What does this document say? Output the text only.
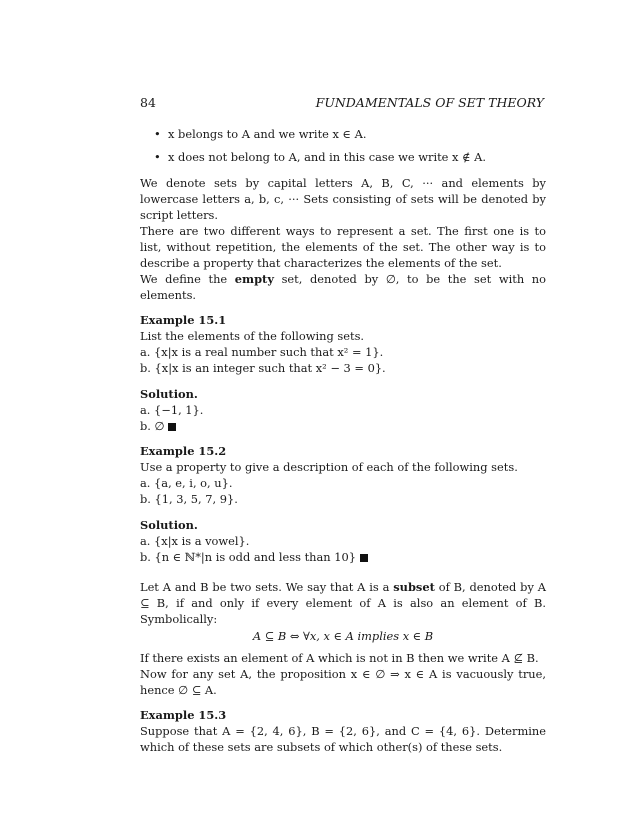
84	FUNDAMENTALS OF SET THEORY
• x belongs to A and we write x ∈ A.
• x does not belong to A, and in this case we write x ∉ A.

We denote sets by capital letters A, B, C, ··· and elements by lowercase letters a, b, c, ··· Sets consisting of sets will be denoted by script letters.

There are two different ways to represent a set. The first one is to list, without repetition, the elements of the set. The other way is to describe a property that characterizes the elements of the set.

We define the empty set, denoted by ∅, to be the set with no elements.

Example 15.1
List the elements of the following sets.
a. {x|x is a real number such that x² = 1}.
b. {x|x is an integer such that x² − 3 = 0}.
Solution.
a. {−1, 1}.
b. ∅
Example 15.2
Use a property to give a description of each of the following sets.
a. {a, e, i, o, u}.
b. {1, 3, 5, 7, 9}.
Solution.
a. {x|x is a vowel}.
b. {n ∈ ℕ*|n is odd and less than 10}

Let A and B be two sets. We say that A is a subset of B, denoted by A ⊆ B, if and only if every element of A is also an element of B. Symbolically:

A ⊆ B ⇔ ∀x, x ∈ A implies x ∈ B

If there exists an element of A which is not in B then we write A ⊈ B.

Now for any set A, the proposition x ∈ ∅ ⇒ x ∈ A is vacuously true, hence ∅ ⊆ A.

Example 15.3

Suppose that A = {2, 4, 6}, B = {2, 6}, and C = {4, 6}. Determine which of these sets are subsets of which other(s) of these sets.
